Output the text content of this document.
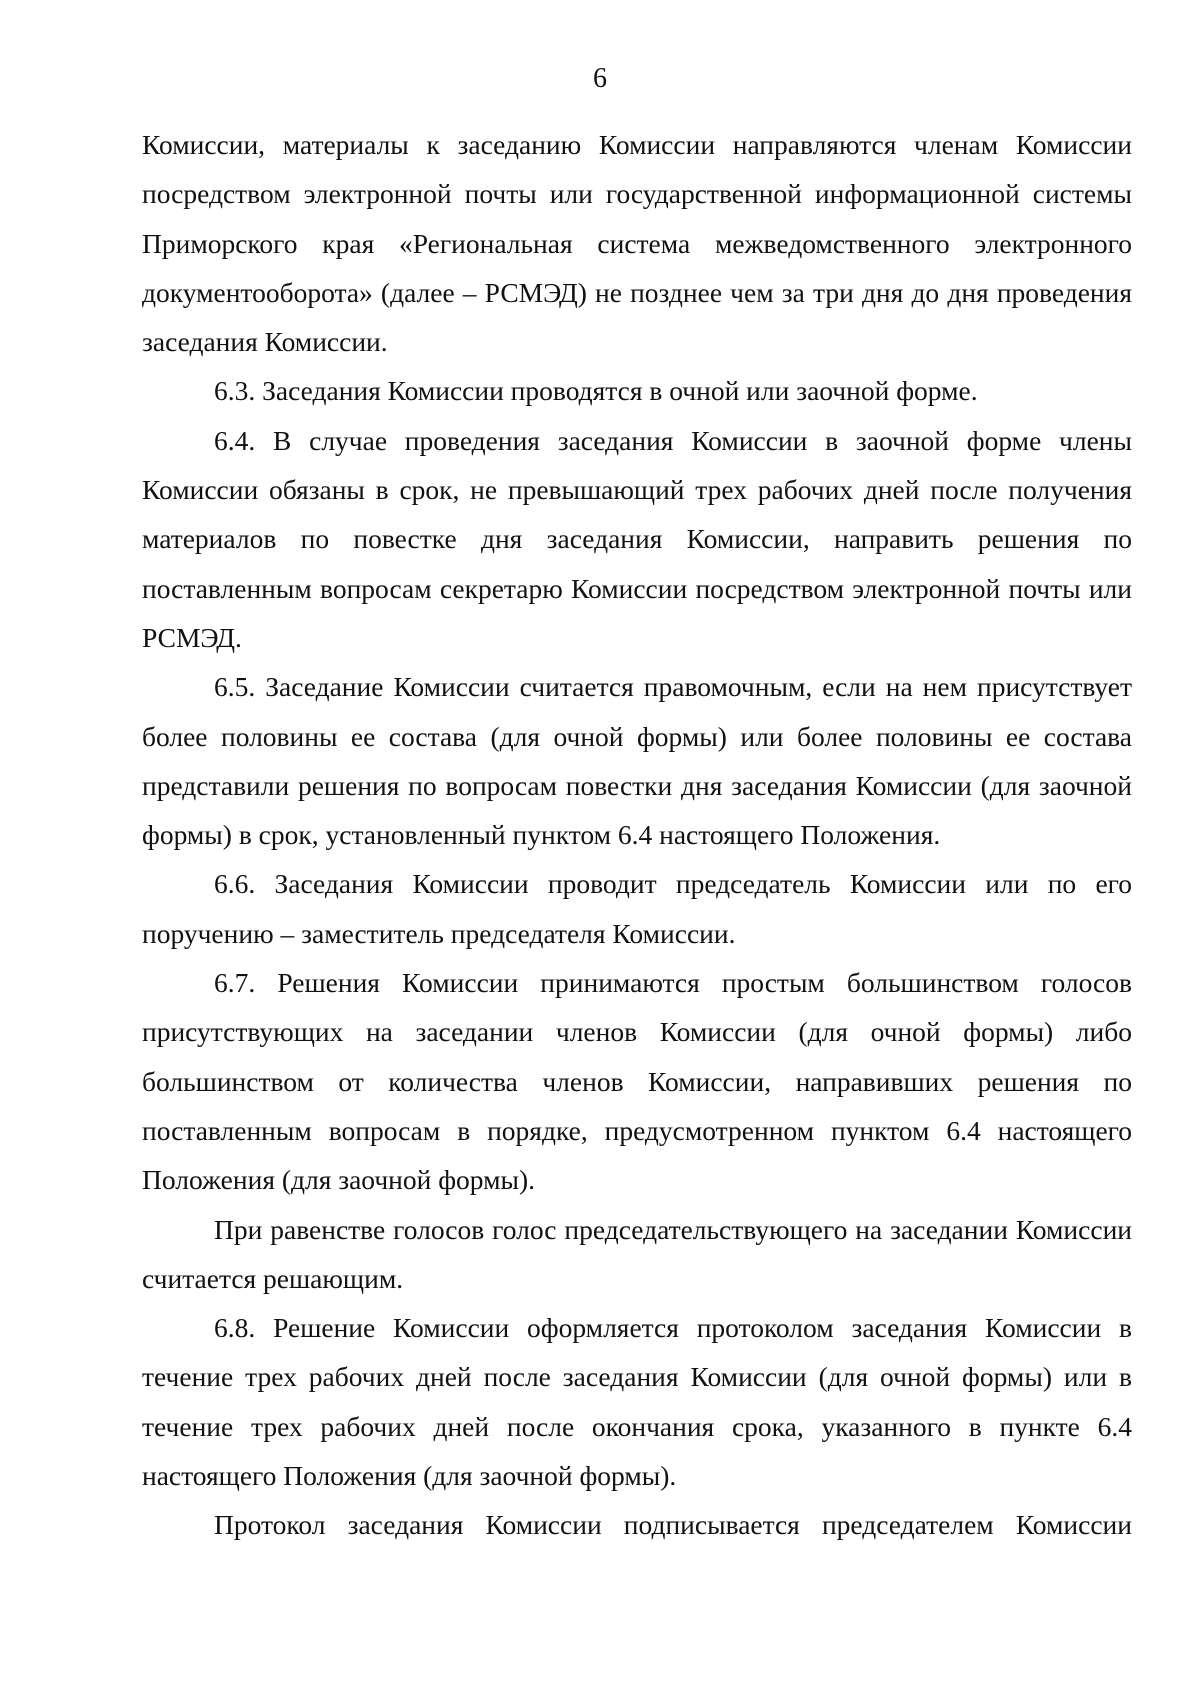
6

Комиссии, материалы к заседанию Комиссии направляются членам Комиссии посредством электронной почты или государственной информационной системы Приморского края «Региональная система межведомственного электронного документооборота» (далее – РСМЭД) не позднее чем за три дня до дня проведения заседания Комиссии.

6.3. Заседания Комиссии проводятся в очной или заочной форме.

6.4. В случае проведения заседания Комиссии в заочной форме члены Комиссии обязаны в срок, не превышающий трех рабочих дней после получения материалов по повестке дня заседания Комиссии, направить решения по поставленным вопросам секретарю Комиссии посредством электронной почты или РСМЭД.

6.5. Заседание Комиссии считается правомочным, если на нем присутствует более половины ее состава (для очной формы) или более половины ее состава представили решения по вопросам повестки дня заседания Комиссии (для заочной формы) в срок, установленный пунктом 6.4 настоящего Положения.

6.6. Заседания Комиссии проводит председатель Комиссии или по его поручению – заместитель председателя Комиссии.

6.7. Решения Комиссии принимаются простым большинством голосов присутствующих на заседании членов Комиссии (для очной формы) либо большинством от количества членов Комиссии, направивших решения по поставленным вопросам в порядке, предусмотренном пунктом 6.4 настоящего Положения (для заочной формы).

При равенстве голосов голос председательствующего на заседании Комиссии считается решающим.

6.8. Решение Комиссии оформляется протоколом заседания Комиссии в течение трех рабочих дней после заседания Комиссии (для очной формы) или в течение трех рабочих дней после окончания срока, указанного в пункте 6.4 настоящего Положения (для заочной формы).

Протокол заседания Комиссии подписывается председателем Комиссии
